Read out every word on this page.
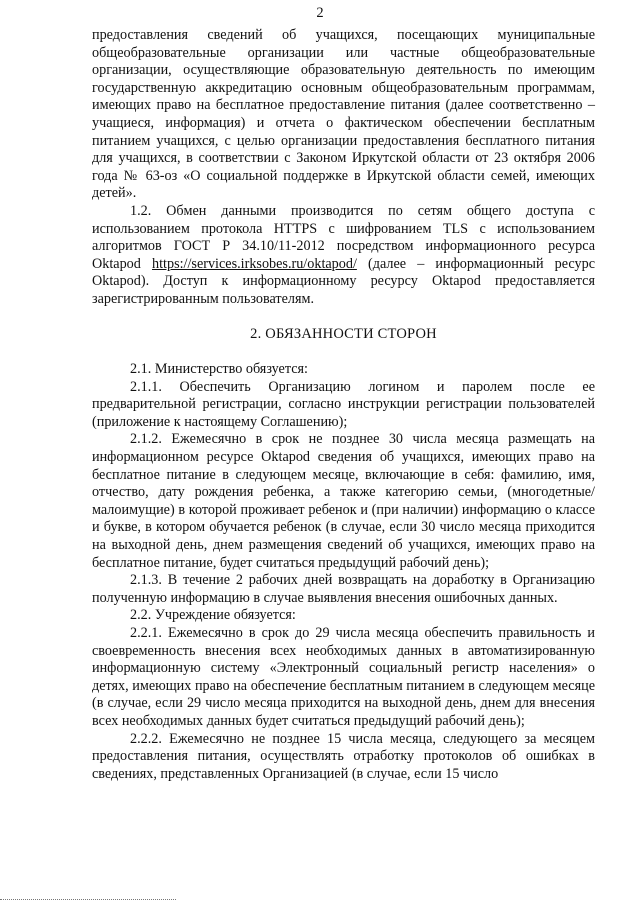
2

предоставления сведений об учащихся, посещающих муниципальные общеобразовательные организации или частные общеобразовательные организации, осуществляющие образовательную деятельность по имеющим государственную аккредитацию основным общеобразовательным программам, имеющих право на бесплатное предоставление питания (далее соответственно – учащиеся, информация) и отчета о фактическом обеспечении бесплатным питанием учащихся, с целью организации предоставления бесплатного питания для учащихся, в соответствии с Законом Иркутской области от 23 октября 2006 года № 63-оз «О социальной поддержке в Иркутской области семей, имеющих детей».

1.2. Обмен данными производится по сетям общего доступа с использованием протокола HTTPS с шифрованием TLS с использованием алгоритмов ГОСТ Р 34.10/11-2012 посредством информационного ресурса Oktapod https://services.irksobes.ru/oktapod/ (далее – информационный ресурс Oktapod). Доступ к информационному ресурсу Oktapod предоставляется зарегистрированным пользователям.

2. ОБЯЗАННОСТИ СТОРОН

2.1. Министерство обязуется:

2.1.1. Обеспечить Организацию логином и паролем после ее предварительной регистрации, согласно инструкции регистрации пользователей (приложение к настоящему Соглашению);

2.1.2. Ежемесячно в срок не позднее 30 числа месяца размещать на информационном ресурсе Oktapod сведения об учащихся, имеющих право на бесплатное питание в следующем месяце, включающие в себя: фамилию, имя, отчество, дату рождения ребенка, а также категорию семьи, (многодетные/малоимущие) в которой проживает ребенок и (при наличии) информацию о классе и букве, в котором обучается ребенок (в случае, если 30 число месяца приходится на выходной день, днем размещения сведений об учащихся, имеющих право на бесплатное питание, будет считаться предыдущий рабочий день);

2.1.3. В течение 2 рабочих дней возвращать на доработку в Организацию полученную информацию в случае выявления внесения ошибочных данных.

2.2. Учреждение обязуется:

2.2.1. Ежемесячно в срок до 29 числа месяца обеспечить правильность и своевременность внесения всех необходимых данных в автоматизированную информационную систему «Электронный социальный регистр населения» о детях, имеющих право на обеспечение бесплатным питанием в следующем месяце (в случае, если 29 число месяца приходится на выходной день, днем для внесения всех необходимых данных будет считаться предыдущий рабочий день);

2.2.2. Ежемесячно не позднее 15 числа месяца, следующего за месяцем предоставления питания, осуществлять отработку протоколов об ошибках в сведениях, представленных Организацией (в случае, если 15 число
